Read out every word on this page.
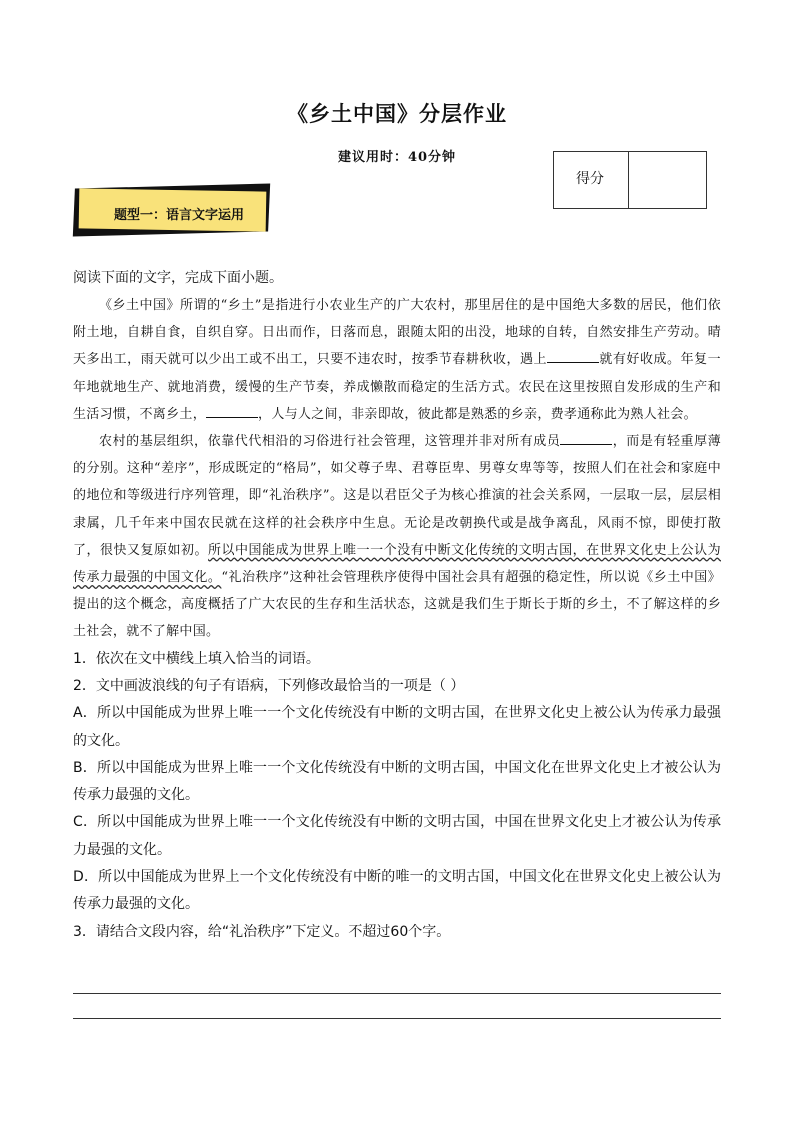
《乡土中国》分层作业
建议用时：40分钟
得分
题型一：语言文字运用

阅读下面的文字，完成下面小题。

《乡土中国》所谓的“乡土”是指进行小农业生产的广大农村，那里居住的是中国绝大多数的居民，他们依附土地，自耕自食，自织自穿。日出而作，日落而息，跟随太阳的出没，地球的自转，自然安排生产劳动。晴天多出工，雨天就可以少出工或不出工，只要不违农时，按季节春耕秋收，遇上	就有好收成。年复一年地就地生产、就地消费，缓慢的生产节奏，养成懒散而稳定的生活方式。农民在这里按照自发形成的生产和生活习惯，不离乡土，	，人与人之间，非亲即故，彼此都是熟悉的乡亲，费孝通称此为熟人社会。

农村的基层组织，依靠代代相沿的习俗进行社会管理，这管理并非对所有成员	，而是有轻重厚薄的分别。这种“差序”，形成既定的“格局”，如父尊子卑、君尊臣卑、男尊女卑等等，按照人们在社会和家庭中的地位和等级进行序列管理，即“礼治秩序”。这是以君臣父子为核心推演的社会关系网，一层取一层，层层相隶属，几千年来中国农民就在这样的社会秩序中生息。无论是改朝换代或是战争离乱，风雨不惊，即使打散了，很快又复原如初。所以中国能成为世界上唯一一个没有中断文化传统的文明古国，在世界文化史上公认为传承力最强的中国文化。“礼治秩序”这种社会管理秩序使得中国社会具有超强的稳定性，所以说《乡土中国》提出的这个概念，高度概括了广大农民的生存和生活状态，这就是我们生于斯长于斯的乡土，不了解这样的乡土社会，就不了解中国。

1．依次在文中横线上填入恰当的词语。

2．文中画波浪线的句子有语病，下列修改最恰当的一项是（ ）

A．所以中国能成为世界上唯一一个文化传统没有中断的文明古国，在世界文化史上被公认为传承力最强的文化。

B．所以中国能成为世界上唯一一个文化传统没有中断的文明古国，中国文化在世界文化史上才被公认为传承力最强的文化。

C．所以中国能成为世界上唯一一个文化传统没有中断的文明古国，中国在世界文化史上才被公认为传承力最强的文化。

D．所以中国能成为世界上一个文化传统没有中断的唯一的文明古国，中国文化在世界文化史上被公认为传承力最强的文化。

3．请结合文段内容，给“礼治秩序”下定义。不超过60个字。
